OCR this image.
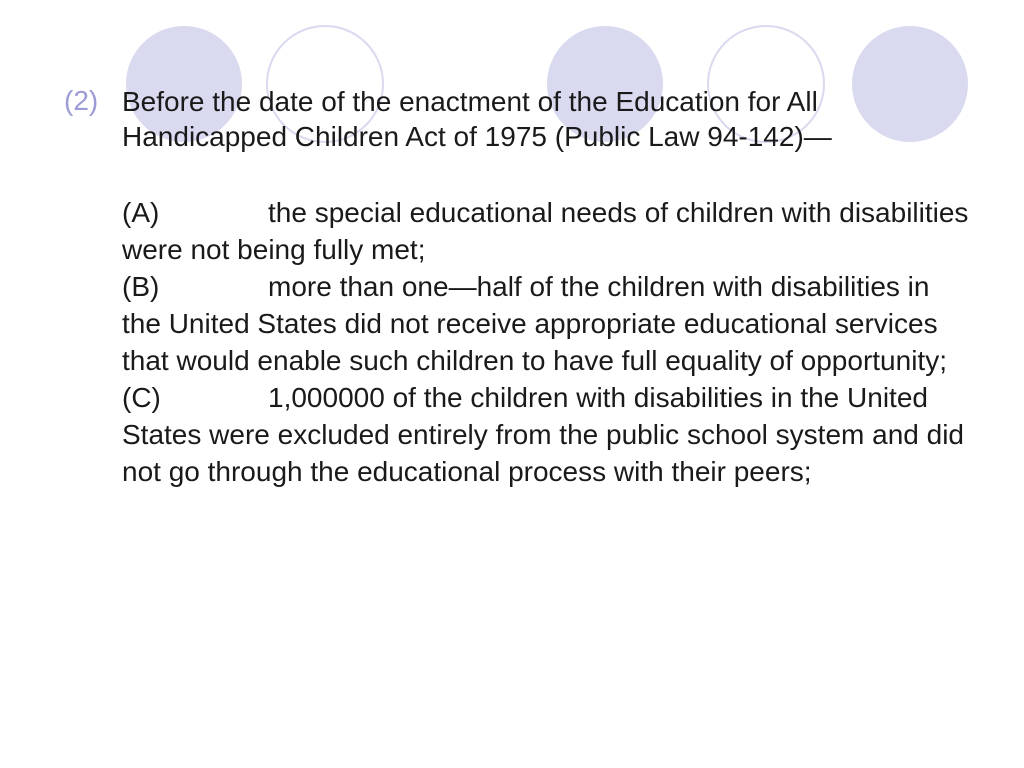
(2) Before the date of the enactment of the Education for All Handicapped Children Act of 1975 (Public Law 94-142)—

(A)	the special educational needs of children with disabilities were not being fully met;

(B)	more than one—half of the children with disabilities in the United States did not receive appropriate educational services that would enable such children to have full equality of opportunity;

(C)	1,000000 of the children with disabilities in the United States were excluded entirely from the public school system and did not go through the educational process with their peers;
